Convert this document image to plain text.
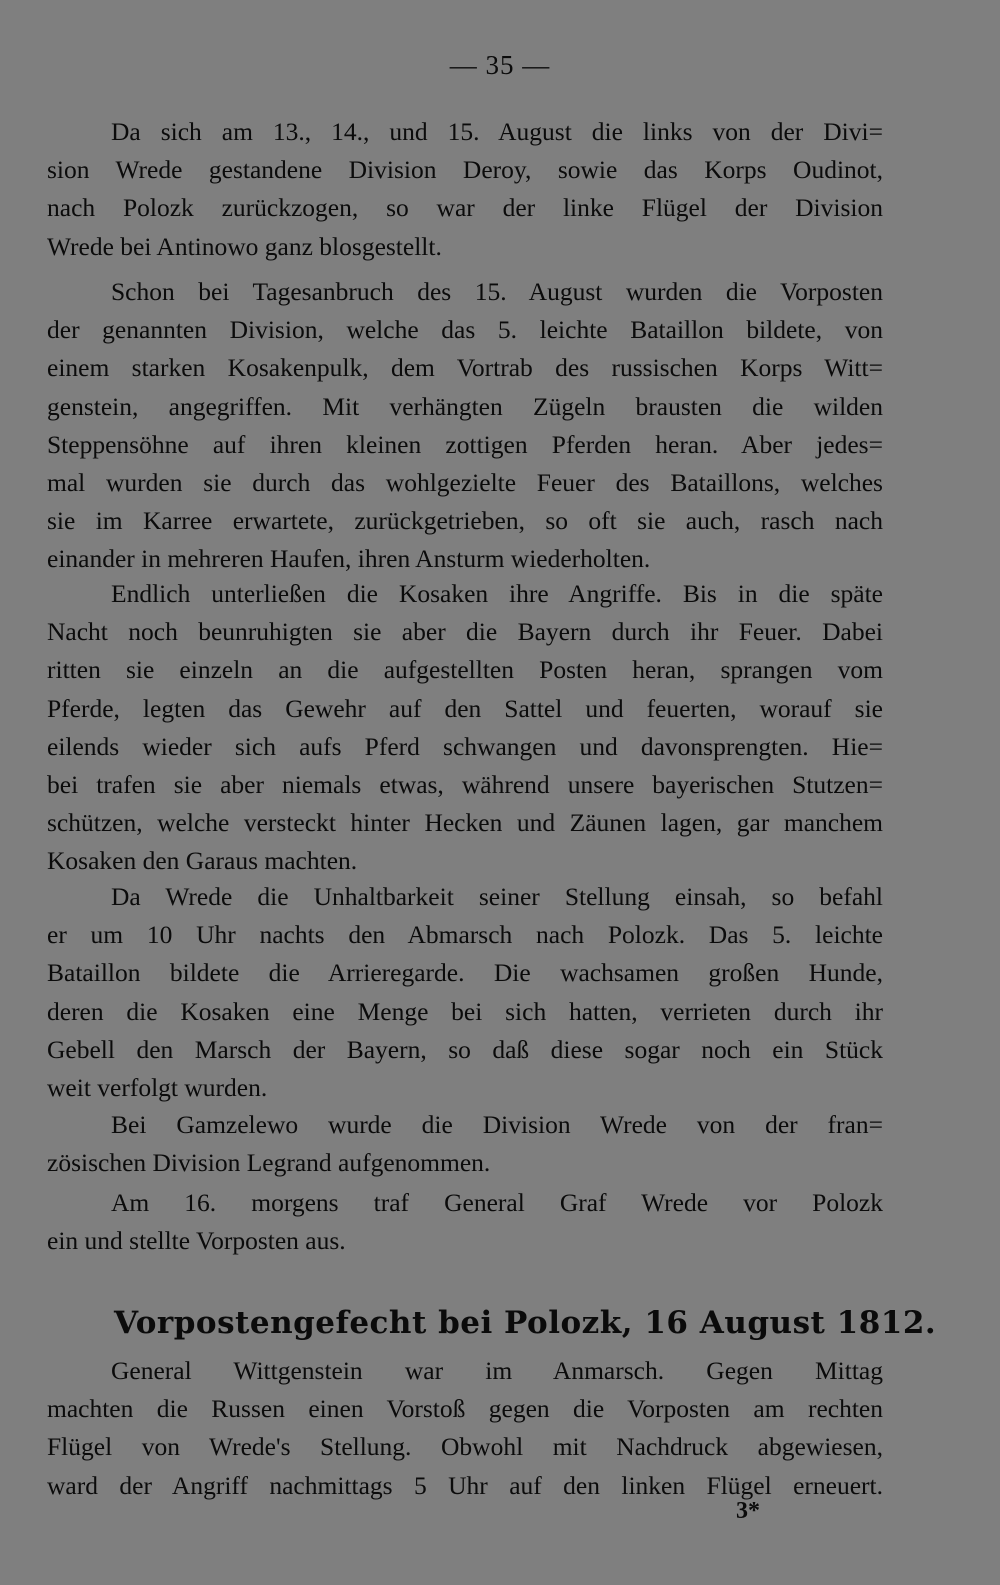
— 35 —
Da sich am 13., 14., und 15. August die links von der Divi=
sion Wrede gestandene Division Deroy, sowie das Korps Oudinot,
nach Polozk zurückzogen, so war der linke Flügel der Division
Wrede bei Antinowo ganz blosgestellt.
Schon bei Tagesanbruch des 15. August wurden die Vorposten
der genannten Division, welche das 5. leichte Bataillon bildete, von
einem starken Kosakenpulk, dem Vortrab des russischen Korps Witt=
genstein, angegriffen. Mit verhängten Zügeln brausten die wilden
Steppensöhne auf ihren kleinen zottigen Pferden heran. Aber jedes=
mal wurden sie durch das wohlgezielte Feuer des Bataillons, welches
sie im Karree erwartete, zurückgetrieben, so oft sie auch, rasch nach
einander in mehreren Haufen, ihren Ansturm wiederholten.
Endlich unterließen die Kosaken ihre Angriffe. Bis in die späte
Nacht noch beunruhigten sie aber die Bayern durch ihr Feuer. Dabei
ritten sie einzeln an die aufgestellten Posten heran, sprangen vom
Pferde, legten das Gewehr auf den Sattel und feuerten, worauf sie
eilends wieder sich aufs Pferd schwangen und davonsprengten. Hie=
bei trafen sie aber niemals etwas, während unsere bayerischen Stutzen=
schützen, welche versteckt hinter Hecken und Zäunen lagen, gar manchem
Kosaken den Garaus machten.
Da Wrede die Unhaltbarkeit seiner Stellung einsah, so befahl
er um 10 Uhr nachts den Abmarsch nach Polozk. Das 5. leichte
Bataillon bildete die Arrieregarde. Die wachsamen großen Hunde,
deren die Kosaken eine Menge bei sich hatten, verrieten durch ihr
Gebell den Marsch der Bayern, so daß diese sogar noch ein Stück
weit verfolgt wurden.
Bei Gamzelewo wurde die Division Wrede von der fran=
zösischen Division Legrand aufgenommen.
Am 16. morgens traf General Graf Wrede vor Polozk
ein und stellte Vorposten aus.
Vorpostengefecht bei Polozk, 16 August 1812.
General Wittgenstein war im Anmarsch. Gegen Mittag
machten die Russen einen Vorstoß gegen die Vorposten am rechten
Flügel von Wrede's Stellung. Obwohl mit Nachdruck abgewiesen,
ward der Angriff nachmittags 5 Uhr auf den linken Flügel erneuert.
3*
